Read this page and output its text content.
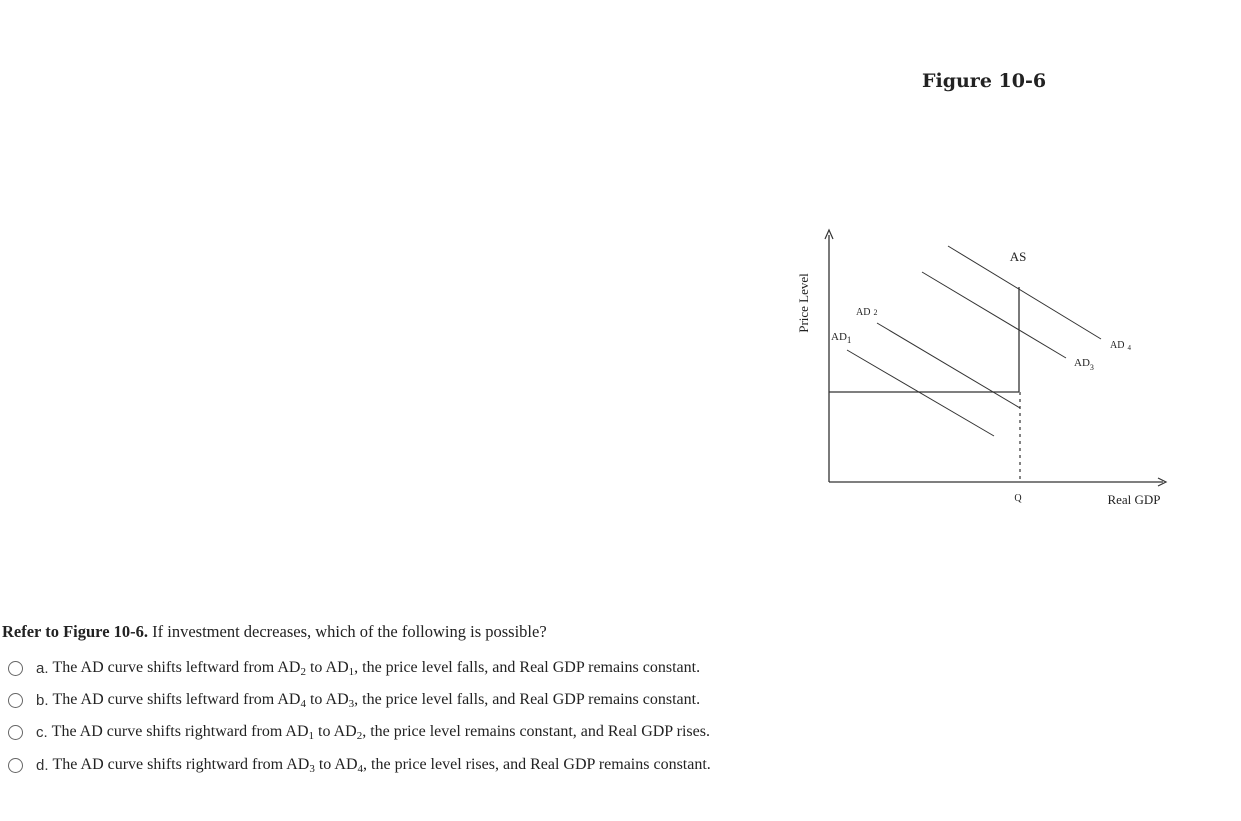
Figure 10-6
Price Level
Real GDP
Q
AS
$AD_1$
AD 2
$AD_3$
AD $_4$
Refer to Figure 10-6. If investment decreases, which of the following is possible?
a. The AD curve shifts leftward from $AD_2$ to $AD_1$, the price level falls, and Real GDP remains constant.
b. The AD curve shifts leftward from $AD_4$ to $AD_3$, the price level falls, and Real GDP remains constant.
c. The AD curve shifts rightward from $AD_1$ to $AD_2$, the price level remains constant, and Real GDP rises.
d. The AD curve shifts rightward from $AD_3$ to $AD_4$, the price level rises, and Real GDP remains constant.
